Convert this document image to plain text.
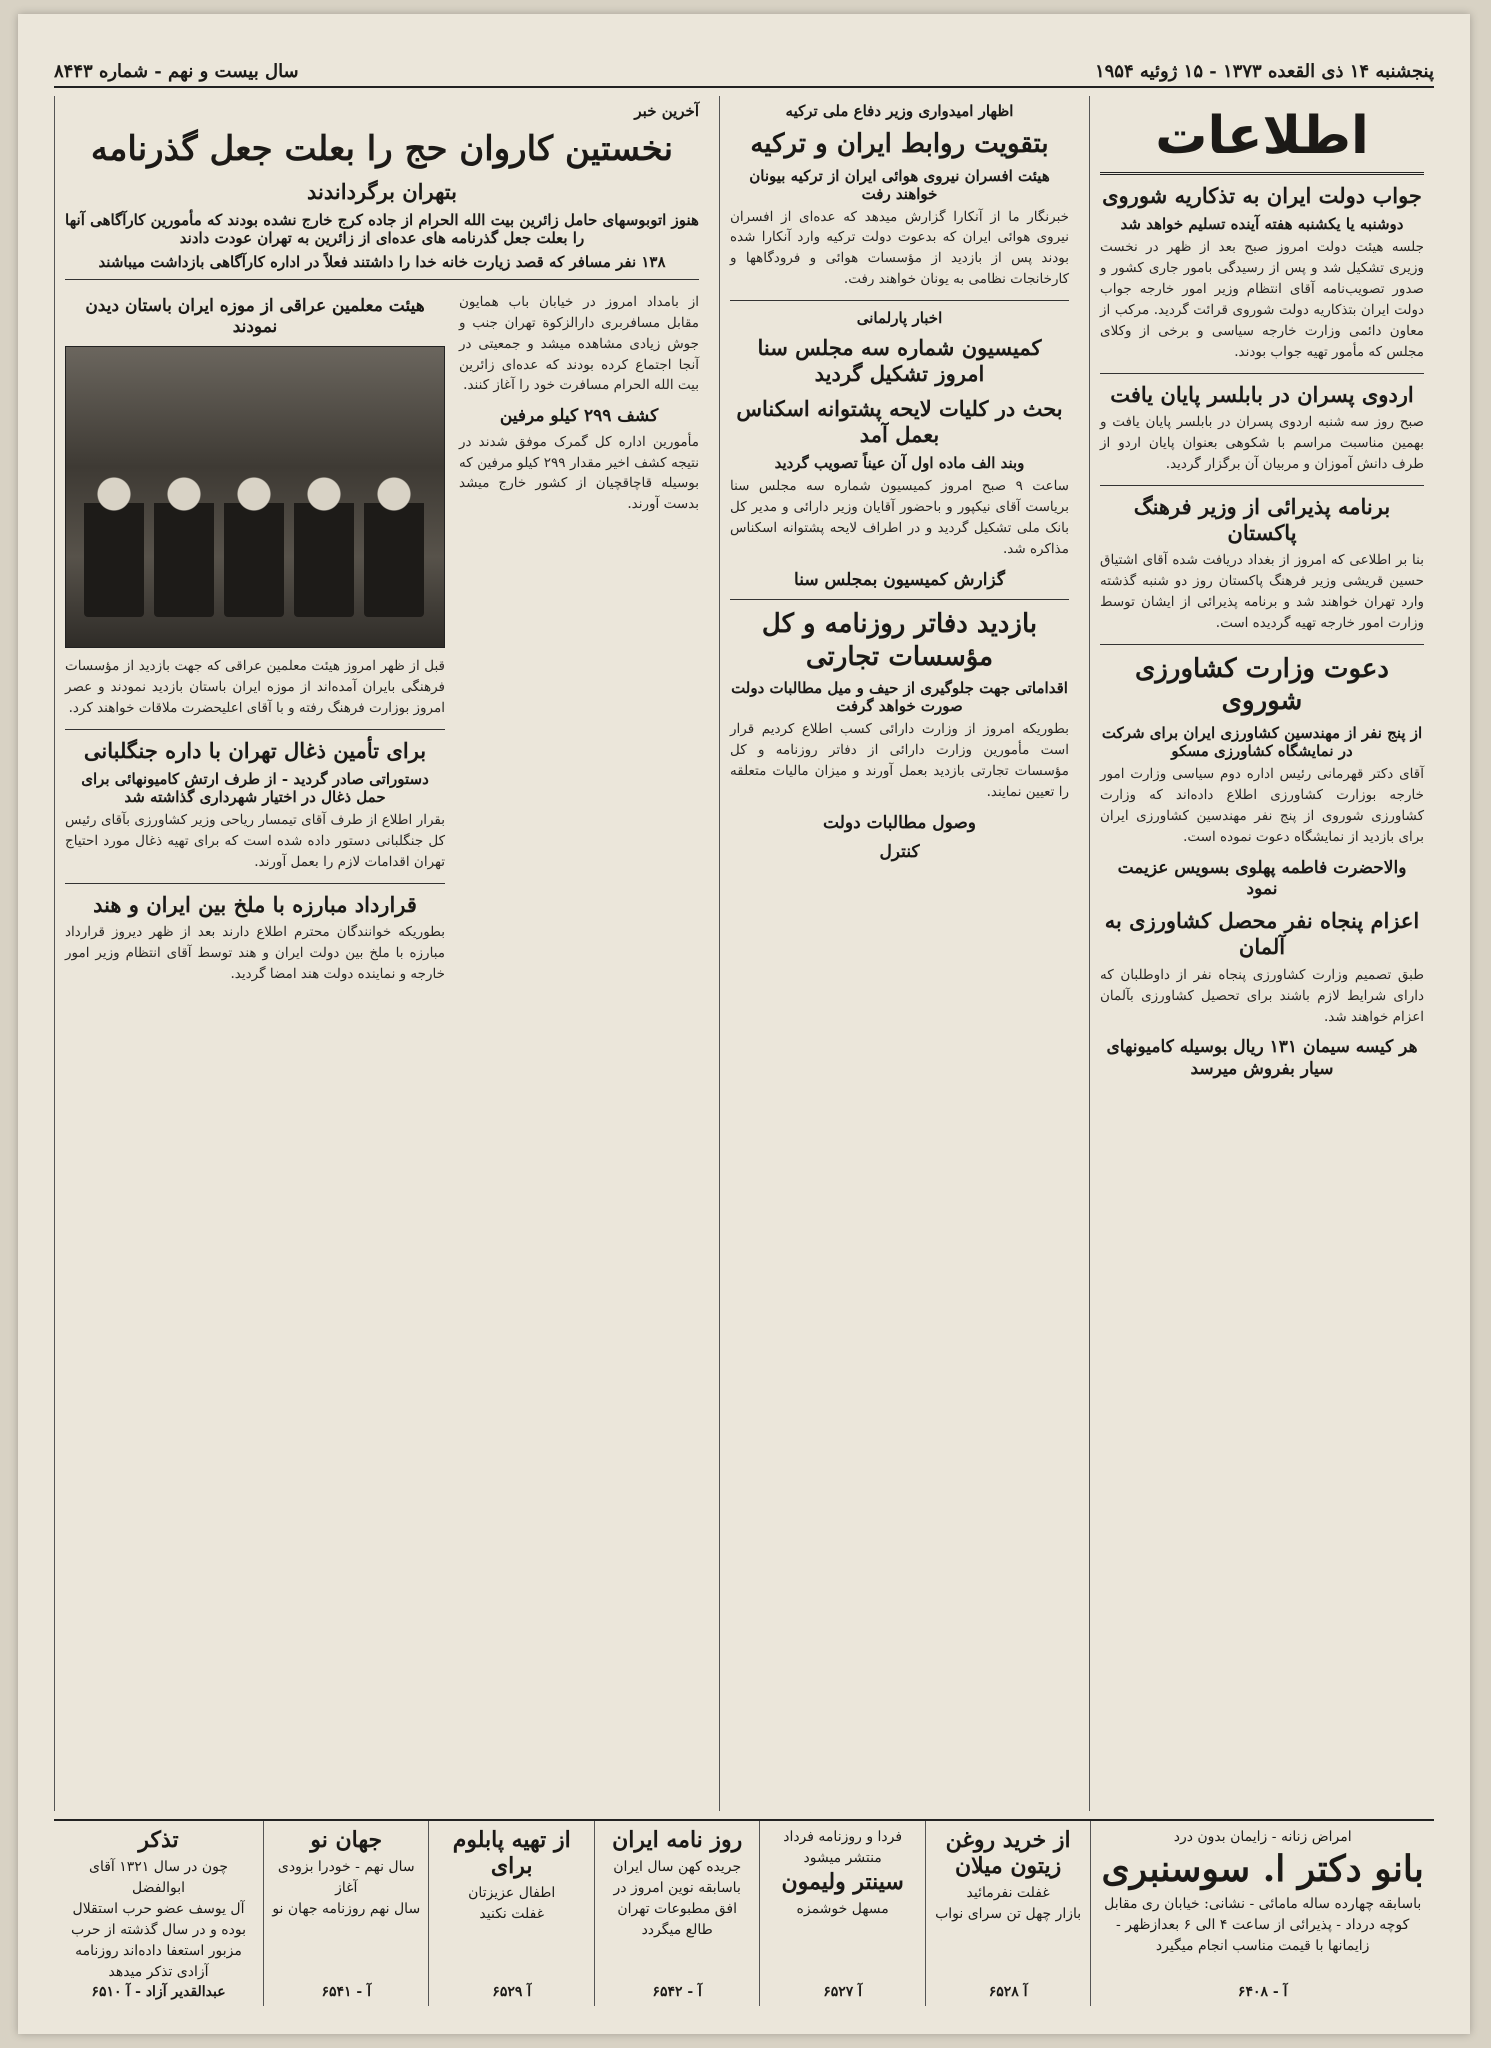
پنجشنبه ۱۴ ذی القعده ۱۳۷۳ - ۱۵ ژوئیه ۱۹۵۴
سال بیست و نهم - شماره ۸۴۴۳
اطلاعات
جواب دولت ایران به تذکاریه شوروی
دوشنبه یا یکشنبه هفته آینده تسلیم خواهد شد
جلسه هیئت دولت امروز صبح بعد از ظهر در نخست وزیری تشکیل شد و پس از رسیدگی بامور جاری کشور و صدور تصویب‌نامه آقای انتظام وزیر امور خارجه جواب دولت ایران بتذکاریه دولت شوروی قرائت گردید. مرکب از معاون دائمی وزارت خارجه سیاسی و برخی از وکلای مجلس که مأمور تهیه جواب بودند.
اردوی پسران در بابلسر پایان یافت
صبح روز سه شنبه اردوی پسران در بابلسر پایان یافت و بهمین مناسبت مراسم با شکوهی بعنوان پایان اردو از طرف دانش آموزان و مربیان آن برگزار گردید.
برنامه پذیرائی از وزیر فرهنگ پاکستان
بنا بر اطلاعی که امروز از بغداد دریافت شده آقای اشتیاق حسین قریشی وزیر فرهنگ پاکستان روز دو شنبه گذشته وارد تهران خواهند شد و برنامه پذیرائی از ایشان توسط وزارت امور خارجه تهیه گردیده است.
دعوت وزارت کشاورزی شوروی
از پنج نفر از مهندسین کشاورزی ایران برای شرکت در نمایشگاه کشاورزی مسکو
آقای دکتر قهرمانی رئیس اداره دوم سیاسی وزارت امور خارجه بوزارت کشاورزی اطلاع داده‌اند که وزارت کشاورزی شوروی از پنج نفر مهندسین کشاورزی ایران برای بازدید از نمایشگاه دعوت نموده است.
والاحضرت فاطمه پهلوی بسویس عزیمت نمود
اعزام پنجاه نفر محصل کشاورزی به آلمان
طبق تصمیم وزارت کشاورزی پنجاه نفر از داوطلبان که دارای شرایط لازم باشند برای تحصیل کشاورزی بآلمان اعزام خواهند شد.
هر کیسه سیمان ۱۳۱ ریال بوسیله کامیونهای سیار بفروش میرسد
اظهار امیدواری وزیر دفاع ملی ترکیه
بتقویت روابط ایران و ترکیه
هیئت افسران نیروی هوائی ایران از ترکیه بیونان خواهند رفت
خبرنگار ما از آنکارا گزارش میدهد که عده‌ای از افسران نیروی هوائی ایران که بدعوت دولت ترکیه وارد آنکارا شده بودند پس از بازدید از مؤسسات هوائی و فرودگاهها و کارخانجات نظامی به یونان خواهند رفت.
اخبار پارلمانی
کمیسیون شماره سه مجلس سنا امروز تشکیل گردید
بحث در کلیات لایحه پشتوانه اسکناس بعمل آمد
وبند الف ماده اول آن عیناً تصویب گردید
ساعت ۹ صبح امروز کمیسیون شماره سه مجلس سنا بریاست آقای نیکپور و باحضور آقایان وزیر دارائی و مدیر کل بانک ملی تشکیل گردید و در اطراف لایحه پشتوانه اسکناس مذاکره شد.
گزارش کمیسیون بمجلس سنا
بازدید دفاتر روزنامه و کل مؤسسات تجارتی
اقداماتی جهت جلوگیری از حیف و میل مطالبات دولت صورت خواهد گرفت
بطوریکه امروز از وزارت دارائی کسب اطلاع کردیم قرار است مأمورین وزارت دارائی از دفاتر روزنامه و کل مؤسسات تجارتی بازدید بعمل آورند و میزان مالیات متعلقه را تعیین نمایند.
وصول مطالبات دولت
کنترل
آخرین خبر
نخستین کاروان حج را بعلت جعل گذرنامه
بتهران برگرداندند
هنوز اتوبوسهای حامل زائرین بیت الله الحرام از جاده کرج خارج نشده بودند که مأمورین کارآگاهی آنها را بعلت جعل گذرنامه های عده‌ای از زائرین به تهران عودت دادند
۱۳۸ نفر مسافر که قصد زیارت خانه خدا را داشتند فعلاً در اداره کارآگاهی بازداشت میباشند
از بامداد امروز در خیابان باب همایون مقابل مسافربری دارالزکوة تهران جنب و جوش زیادی مشاهده میشد و جمعیتی در آنجا اجتماع کرده بودند که عده‌ای زائرین بیت الله الحرام مسافرت خود را آغاز کنند.
کشف ۲۹۹ کیلو مرفین
مأمورین اداره کل گمرک موفق شدند در نتیجه کشف اخیر مقدار ۲۹۹ کیلو مرفین که بوسیله قاچاقچیان از کشور خارج میشد بدست آورند.
هیئت معلمین عراقی از موزه ایران باستان دیدن نمودند
قبل از ظهر امروز هیئت معلمین عراقی که جهت بازدید از مؤسسات فرهنگی بایران آمده‌اند از موزه ایران باستان بازدید نمودند و عصر امروز بوزارت فرهنگ رفته و با آقای اعلیحضرت ملاقات خواهند کرد.
برای تأمین ذغال تهران با داره جنگلبانی
دستوراتی صادر گردید - از طرف ارتش کامیونهائی برای حمل ذغال در اختیار شهرداری گذاشته شد
بقرار اطلاع از طرف آقای تیمسار ریاحی وزیر کشاورزی بآقای رئیس کل جنگلبانی دستور داده شده است که برای تهیه ذغال مورد احتیاج تهران اقدامات لازم را بعمل آورند.
قرارداد مبارزه با ملخ بین ایران و هند
بطوریکه خوانندگان محترم اطلاع دارند بعد از ظهر دیروز قرارداد مبارزه با ملخ بین دولت ایران و هند توسط آقای انتظام وزیر امور خارجه و نماینده دولت هند امضا گردید.
امراض زنانه - زایمان بدون درد
بانو دکتر ا. سوسنبری
باسابقه چهارده ساله مامائی - نشانی: خیابان ری مقابل کوچه درداد - پذیرائی از ساعت ۴ الی ۶ بعدازظهر - زایمانها با قیمت مناسب انجام میگیرد
آ - ۶۴۰۸
از خرید روغن زیتون میلان
غفلت نفرمائید
بازار چهل تن سرای نواب
آ ۶۵۲۸
فردا و روزنامه فرداد منتشر میشود
سینتر ولیمون
مسهل خوشمزه
آ ۶۵۲۷
روز نامه ایران
جریده کهن سال ایران
باسابقه نوین امروز در افق مطبوعات تهران طالع میگردد
آ - ۶۵۴۲
از تهیه پابلوم برای
اطفال عزیزتان
غفلت نکنید
آ ۶۵۲۹
جهان نو
سال نهم - خودرا بزودی آغاز
سال نهم روزنامه جهان نو
آ - ۶۵۴۱
تذکر
چون در سال ۱۳۲۱ آقای ابوالفضل
آل یوسف عضو حرب استقلال بوده و در سال گذشته از حرب مزبور استعفا داده‌اند روزنامه آزادی تذکر میدهد
عبدالقدیر آزاد - آ ۶۵۱۰
